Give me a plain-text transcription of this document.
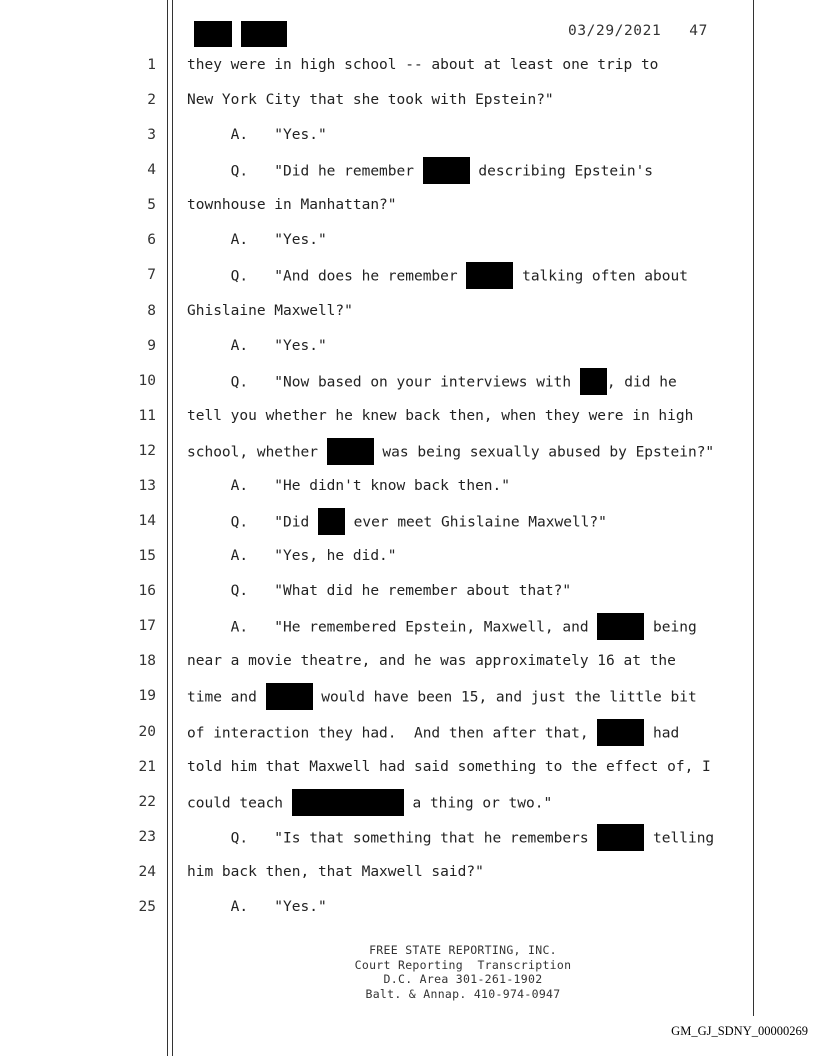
03/29/2021   47
1 they were in high school -- about at least one trip to
2 New York City that she took with Epstein?"
3 A.   "Yes."
4 Q.   "Did he remember	describing Epstein's
5 townhouse in Manhattan?"
6 A.   "Yes."
7 Q.   "And does he remember	talking often about
8 Ghislaine Maxwell?"
9 A.   "Yes."
10 Q.   "Now based on your interviews with , did he
11 tell you whether he knew back then, when they were in high
12 school, whether	was being sexually abused by Epstein?"
13 A.   "He didn't know back then."
14 Q.   "Did  ever meet Ghislaine Maxwell?"
15 A.   "Yes, he did."
16 Q.   "What did he remember about that?"
17 A.   "He remembered Epstein, Maxwell, and	being
18 near a movie theatre, and he was approximately 16 at the
19 time and	would have been 15, and just the little bit
20 of interaction they had.  And then after that,	had
21 told him that Maxwell had said something to the effect of, I
22 could teach	a thing or two."
23 Q.   "Is that something that he remembers	telling
24 him back then, that Maxwell said?"
25 A.   "Yes."
FREE STATE REPORTING, INC.
Court Reporting  Transcription
D.C. Area 301-261-1902
Balt. & Annap. 410-974-0947
GM_GJ_SDNY_00000269
